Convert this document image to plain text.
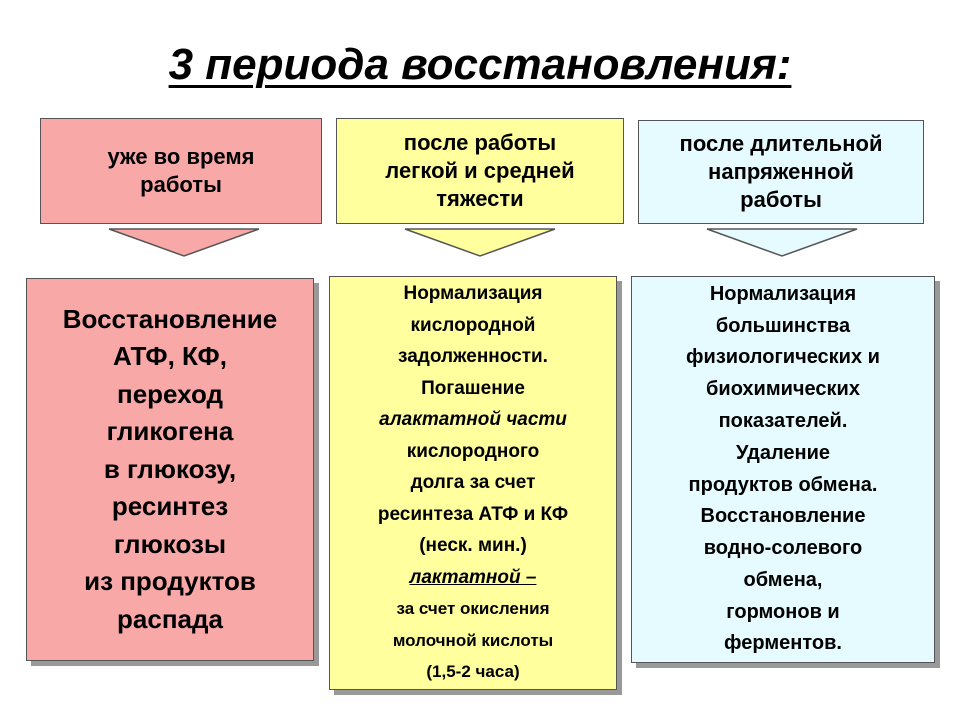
3 периода восстановления:
уже во время
работы
после работы
легкой и средней
тяжести
после длительной
напряженной
работы
Восстановление
АТФ, КФ,
переход
гликогена
в глюкозу,
ресинтез
глюкозы
из продуктов
распада
Нормализация
кислородной
задолженности.
Погашение
алактатной части
кислородного
долга за счет
ресинтеза АТФ и КФ
(неск. мин.)
лактатной –
за счет окисления
молочной кислоты
(1,5-2 часа)
Нормализация
большинства
физиологических и
биохимических
показателей.
Удаление
продуктов обмена.
Восстановление
водно-солевого
обмена,
гормонов и
ферментов.
